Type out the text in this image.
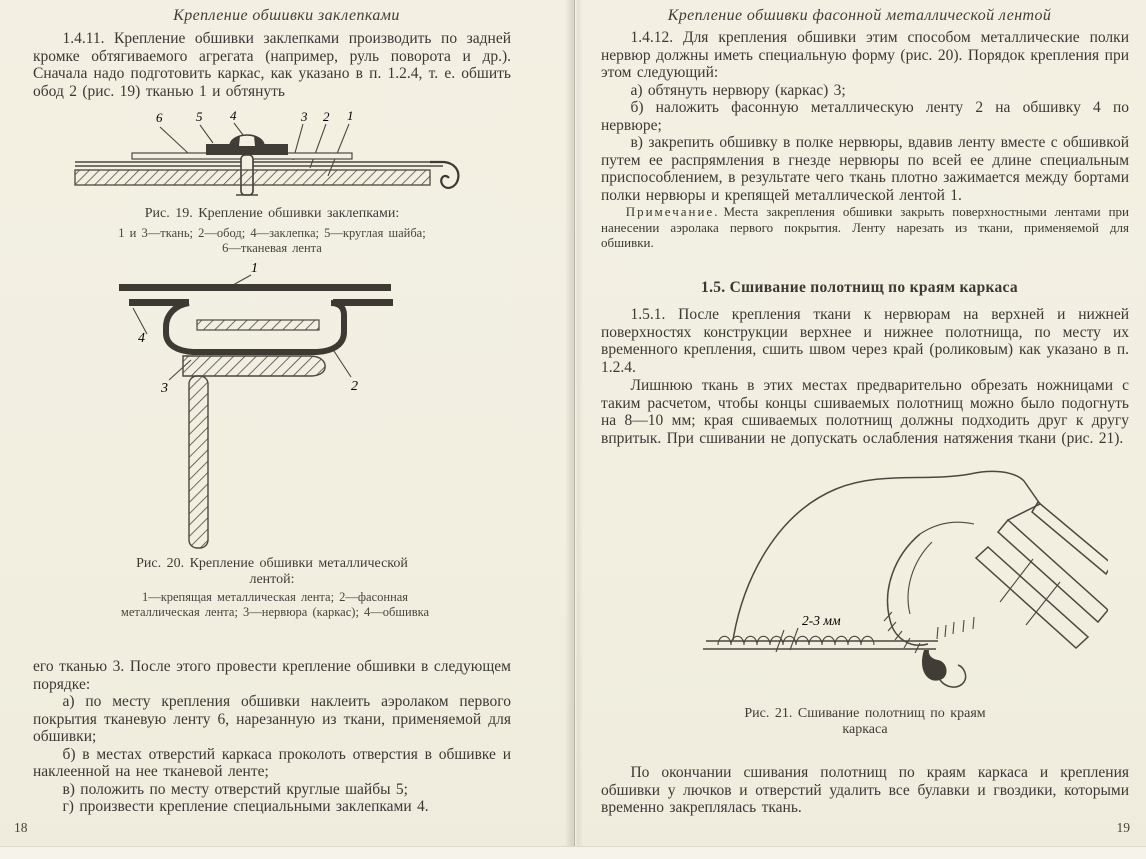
Крепление обшивки заклепками

1.4.11. Крепление обшивки заклепками производить по задней кромке обтягиваемого агрегата (например, руль поворота и др.). Сначала надо подготовить каркас, как указано в п. 1.2.4, т. е. обшить обод 2 (рис. 19) тканью 1 и обтянуть

6	5 4	3 2 1
Рис. 19. Крепление обшивки заклепками:
1 и 3—ткань; 2—обод; 4—заклепка; 5—круглая шайба;
6—тканевая лента
1
4
3	2
Рис. 20. Крепление обшивки металлической
лентой:
1—крепящая металлическая лента; 2—фасонная металлическая лента; 3—нервюра (каркас); 4—обшивка

его тканью 3. После этого провести крепление обшивки в следующем порядке:

а) по месту крепления обшивки наклеить аэролаком первого покрытия тканевую ленту 6, нарезанную из ткани, применяемой для обшивки;

б) в местах отверстий каркаса проколоть отверстия в обшивке и наклеенной на нее тканевой ленте;

в) положить по месту отверстий круглые шайбы 5;

г) произвести крепление специальными заклепками 4.

18
Крепление обшивки фасонной металлической лентой

1.4.12. Для крепления обшивки этим способом металлические полки нервюр должны иметь специальную форму (рис. 20). Порядок крепления при этом следующий:

а) обтянуть нервюру (каркас) 3;

б) наложить фасонную металлическую ленту 2 на обшивку 4 по нервюре;

в) закрепить обшивку в полке нервюры, вдавив ленту вместе с обшивкой путем ее распрямления в гнезде нервюры по всей ее длине специальным приспособлением, в результате чего ткань плотно зажимается между бортами полки нервюры и крепящей металлической лентой 1.

Примечание. Места закрепления обшивки закрыть поверхностными лентами при нанесении аэролака первого покрытия. Ленту нарезать из ткани, применяемой для обшивки.

1.5. Сшивание полотнищ по краям каркаса

1.5.1. После крепления ткани к нервюрам на верхней и нижней поверхностях конструкции верхнее и нижнее полотнища, по месту их временного крепления, сшить швом через край (роликовым) как указано в п. 1.2.4.

Лишнюю ткань в этих местах предварительно обрезать ножницами с таким расчетом, чтобы концы сшиваемых полотнищ можно было подогнуть на 8—10 мм; края сшиваемых полотнищ должны подходить друг к другу впритык. При сшивании не допускать ослабления натяжения ткани (рис. 21).

2-3 мм
Рис. 21. Сшивание полотнищ по краям
каркаса

По окончании сшивания полотнищ по краям каркаса и крепления обшивки у лючков и отверстий удалить все булавки и гвоздики, которыми временно закреплялась ткань.

19
